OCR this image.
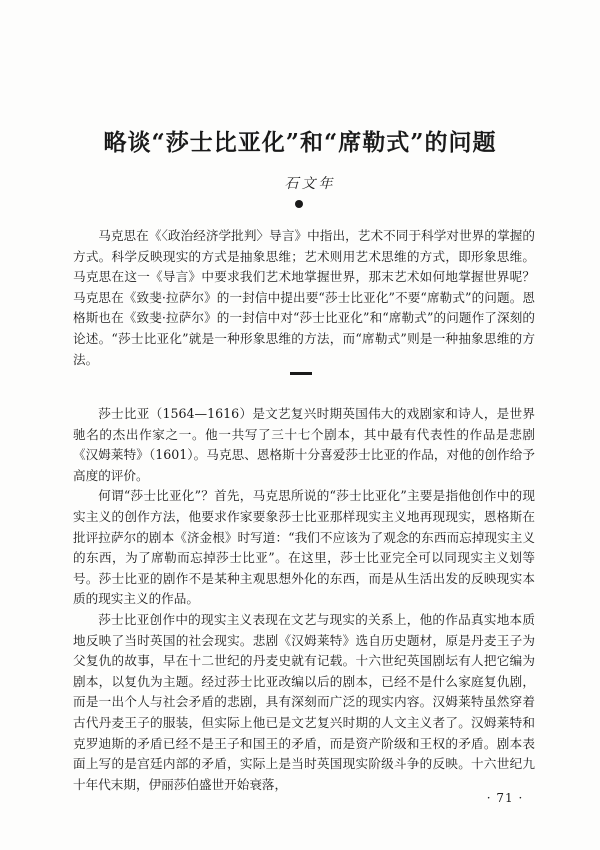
略谈“莎士比亚化”和“席勒式”的问题
石文年

马克思在《〈政治经济学批判〉导言》中指出，艺术不同于科学对世界的掌握的方式。科学反映现实的方式是抽象思维；艺术则用艺术思维的方式，即形象思维。马克思在这一《导言》中要求我们艺术地掌握世界，那末艺术如何地掌握世界呢？马克思在《致斐·拉萨尔》的一封信中提出要“莎士比亚化”不要“席勒式”的问题。恩格斯也在《致斐·拉萨尔》的一封信中对“莎士比亚化”和“席勒式”的问题作了深刻的论述。“莎士比亚化”就是一种形象思维的方法，而“席勒式”则是一种抽象思维的方法。

莎士比亚（1564—1616）是文艺复兴时期英国伟大的戏剧家和诗人，是世界驰名的杰出作家之一。他一共写了三十七个剧本，其中最有代表性的作品是悲剧《汉姆莱特》（1601）。马克思、恩格斯十分喜爱莎士比亚的作品，对他的创作给予高度的评价。

何谓“莎士比亚化”？首先，马克思所说的“莎士比亚化”主要是指他创作中的现实主义的创作方法，他要求作家要象莎士比亚那样现实主义地再现现实，恩格斯在批评拉萨尔的剧本《济金根》时写道：“我们不应该为了观念的东西而忘掉现实主义的东西，为了席勒而忘掉莎士比亚”。在这里，莎士比亚完全可以同现实主义划等号。莎士比亚的剧作不是某种主观思想外化的东西，而是从生活出发的反映现实本质的现实主义的作品。

莎士比亚创作中的现实主义表现在文艺与现实的关系上，他的作品真实地本质地反映了当时英国的社会现实。悲剧《汉姆莱特》选自历史题材，原是丹麦王子为父复仇的故事，早在十二世纪的丹麦史就有记载。十六世纪英国剧坛有人把它编为剧本，以复仇为主题。经过莎士比亚改编以后的剧本，已经不是什么家庭复仇剧，而是一出个人与社会矛盾的悲剧，具有深刻而广泛的现实内容。汉姆莱特虽然穿着古代丹麦王子的服装，但实际上他已是文艺复兴时期的人文主义者了。汉姆莱特和克罗迪斯的矛盾已经不是王子和国王的矛盾，而是资产阶级和王权的矛盾。剧本表面上写的是宫廷内部的矛盾，实际上是当时英国现实阶级斗争的反映。十六世纪九十年代末期，伊丽莎伯盛世开始衰落，

· 71 ·
